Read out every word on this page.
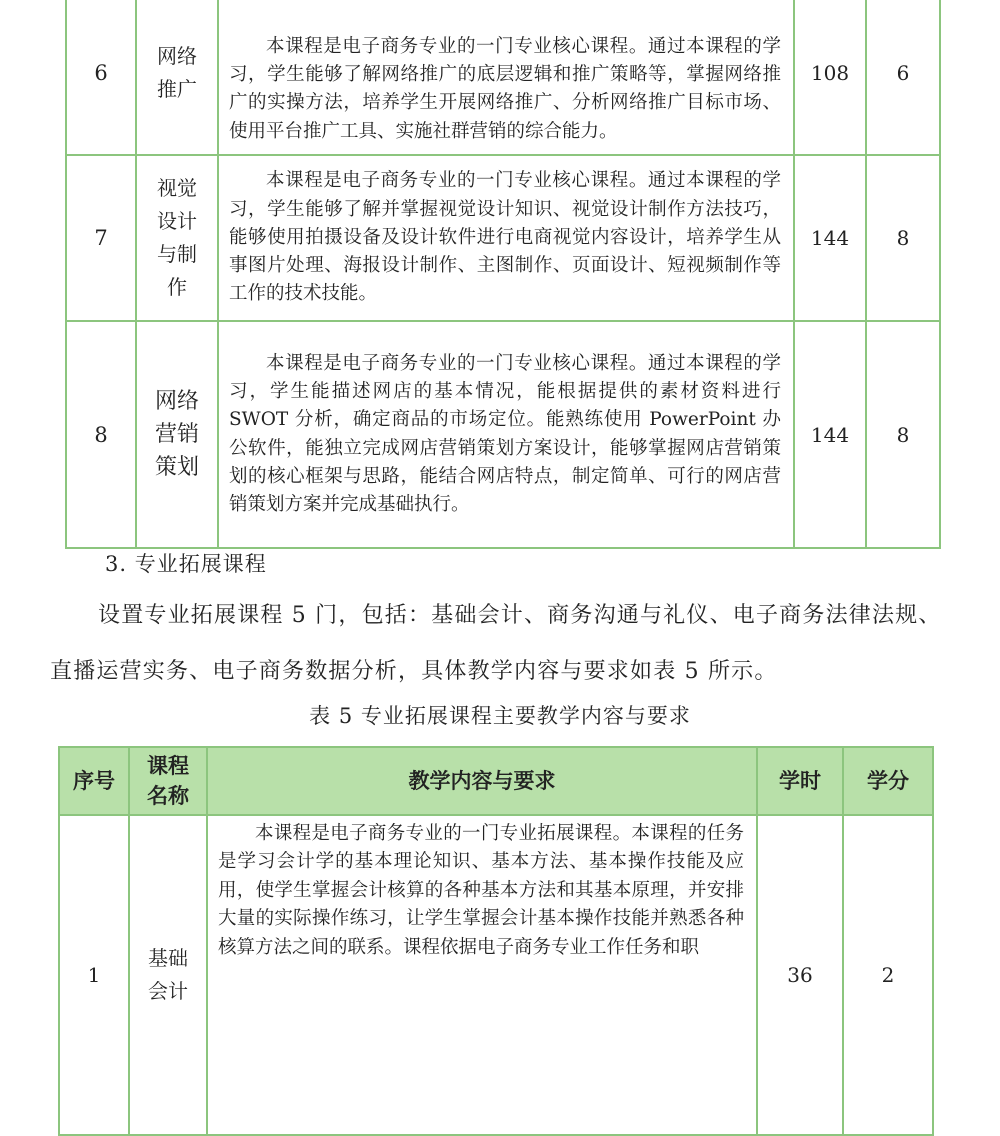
6	网络推广	本课程是电子商务专业的一门专业核心课程。通过本课程的学习，学生能够了解网络推广的底层逻辑和推广策略等，掌握网络推广的实操方法，培养学生开展网络推广、分析网络推广目标市场、使用平台推广工具、实施社群营销的综合能力。	108	6
7	视觉设计与制作	本课程是电子商务专业的一门专业核心课程。通过本课程的学习，学生能够了解并掌握视觉设计知识、视觉设计制作方法技巧，能够使用拍摄设备及设计软件进行电商视觉内容设计，培养学生从事图片处理、海报设计制作、主图制作、页面设计、短视频制作等工作的技术技能。	144	8
8	网络营销策划	本课程是电子商务专业的一门专业核心课程。通过本课程的学习，学生能描述网店的基本情况，能根据提供的素材资料进行 SWOT 分析，确定商品的市场定位。能熟练使用 PowerPoint 办公软件，能独立完成网店营销策划方案设计，能够掌握网店营销策划的核心框架与思路，能结合网店特点，制定简单、可行的网店营销策划方案并完成基础执行。	144	8
3. 专业拓展课程
设置专业拓展课程 5 门，包括：基础会计、商务沟通与礼仪、电子商务法律法规、直播运营实务、电子商务数据分析，具体教学内容与要求如表 5 所示。
表 5 专业拓展课程主要教学内容与要求
序号	课程名称	教学内容与要求	学时	学分
1	基础会计	本课程是电子商务专业的一门专业拓展课程。本课程的任务是学习会计学的基本理论知识、基本方法、基本操作技能及应用，使学生掌握会计核算的各种基本方法和其基本原理，并安排大量的实际操作练习，让学生掌握会计基本操作技能并熟悉各种核算方法之间的联系。课程依据电子商务专业工作任务和职	36	2
